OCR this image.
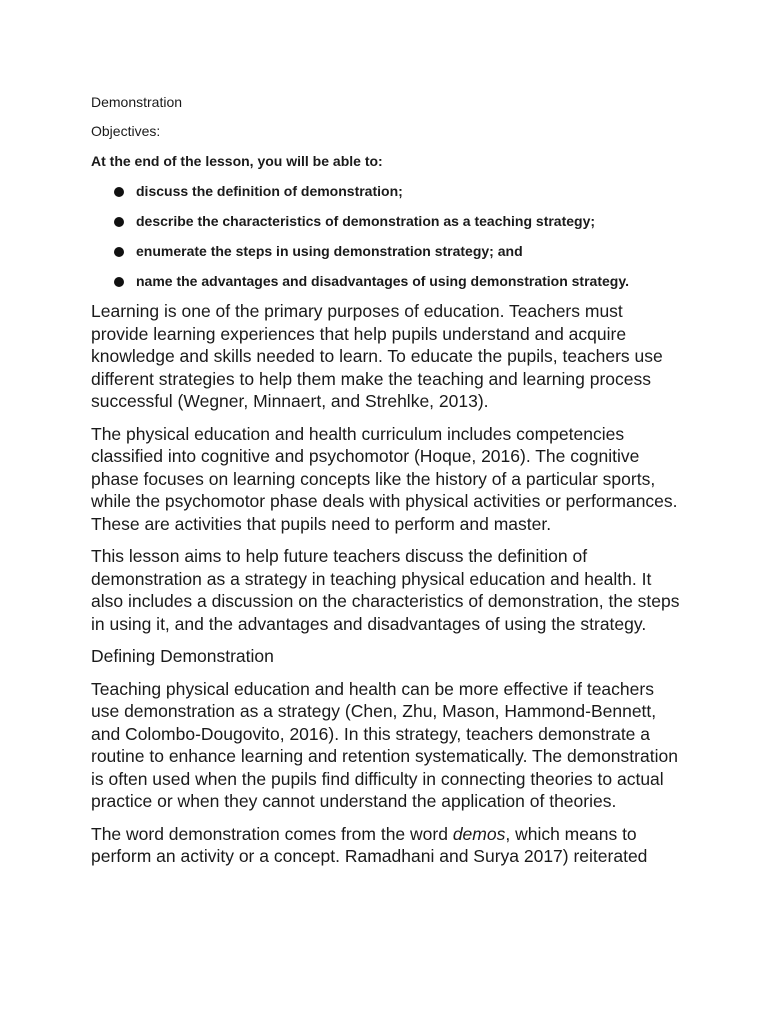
Demonstration

Objectives:

At the end of the lesson, you will be able to:

discuss the definition of demonstration;
describe the characteristics of demonstration as a teaching strategy;
enumerate the steps in using demonstration strategy; and
name the advantages and disadvantages of using demonstration strategy.

Learning is one of the primary purposes of education. Teachers must provide learning experiences that help pupils understand and acquire knowledge and skills needed to learn. To educate the pupils, teachers use different strategies to help them make the teaching and learning process successful (Wegner, Minnaert, and Strehlke, 2013).

The physical education and health curriculum includes competencies classified into cognitive and psychomotor (Hoque, 2016). The cognitive phase focuses on learning concepts like the history of a particular sports, while the psychomotor phase deals with physical activities or performances. These are activities that pupils need to perform and master.

This lesson aims to help future teachers discuss the definition of demonstration as a strategy in teaching physical education and health. It also includes a discussion on the characteristics of demonstration, the steps in using it, and the advantages and disadvantages of using the strategy.

Defining Demonstration

Teaching physical education and health can be more effective if teachers use demonstration as a strategy (Chen, Zhu, Mason, Hammond-Bennett, and Colombo-Dougovito, 2016). In this strategy, teachers demonstrate a routine to enhance learning and retention systematically. The demonstration is often used when the pupils find difficulty in connecting theories to actual practice or when they cannot understand the application of theories.

The word demonstration comes from the word demos, which means to perform an activity or a concept. Ramadhani and Surya 2017) reiterated
